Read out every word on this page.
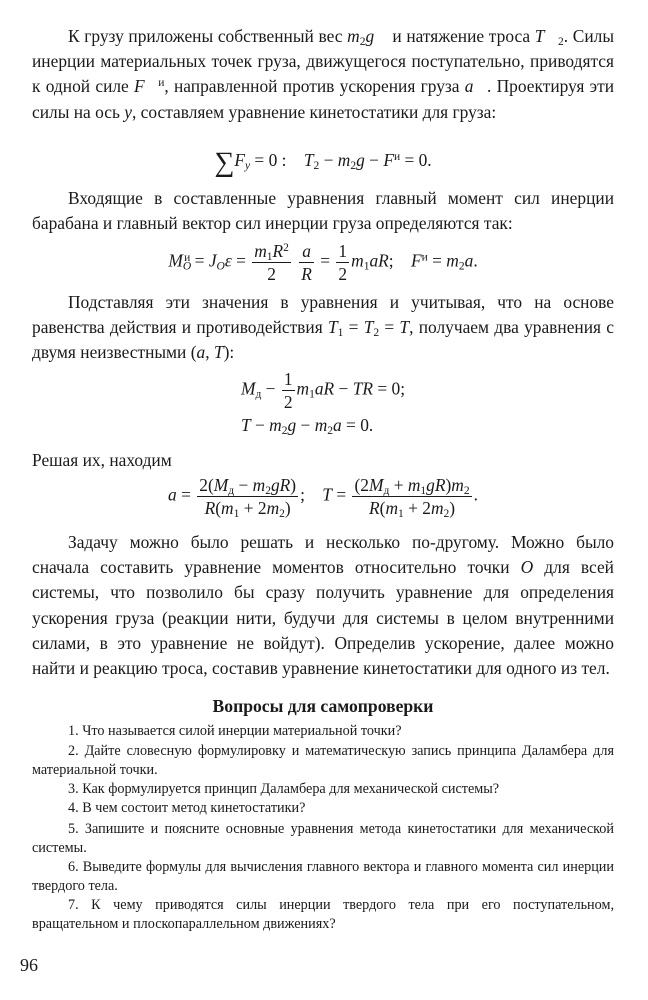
К грузу приложены собственный вес $m_2g⃗$ и натяжение троса $T⃗_2$. Силы инерции материальных точек груза, движущегося поступательно, приводятся к одной силе F⃗$^и$, направленной против ускорения груза a⃗. Проектируя эти силы на ось y, составляем уравнение кинетостатики для груза:
$\sum F_y = 0$ :    $T_2 - m_2g - F^и = 0$.
Входящие в составленные уравнения главный момент сил инерции барабана и главный вектор сил инерции груза определяются так:
$M_O^и = J_O\varepsilon = \frac{m_1R^2}{2}$
$\frac{a}{R} = \frac{1}{2} m_1aR$;    $F^и = m_2a$.
Подставляя эти значения в уравнения и учитывая, что на основе равенства действия и противодействия $T_1 = T_2 = T$, получаем два уравнения с двумя неизвестными (a, T):
$M_д - \frac{1}{2} m_1aR$ − TR = 0;
$T - m_2g - m_2a = 0$.
Решая их, находим
$a = \frac{2(M_д - m_2gR)}{R(m_1 + 2m_2)}$ ;    $T = \frac{(2M_д + m_1gR)m_2}{R(m_1 + 2m_2)}$ .
Задачу можно было решать и несколько по-другому. Можно было сначала составить уравнение моментов относительно точки O для всей системы, что позволило бы сразу получить уравнение для определения ускорения груза (реакции нити, будучи для системы в целом внутренними силами, в это уравнение не войдут). Определив ускорение, далее можно найти и реакцию троса, составив уравнение кинетостатики для одного из тел.
Вопросы для самопроверки
1. Что называется силой инерции материальной точки?
2. Дайте словесную формулировку и математическую запись принципа Даламбера для материальной точки.
3. Как формулируется принцип Даламбера для механической системы?
4. В чем состоит метод кинетостатики?
5. Запишите и поясните основные уравнения метода кинетостатики для механической системы.
6. Выведите формулы для вычисления главного вектора и главного момента сил инерции твердого тела.
7. К чему приводятся силы инерции твердого тела при его поступательном, вращательном и плоскопараллельном движениях?
96
